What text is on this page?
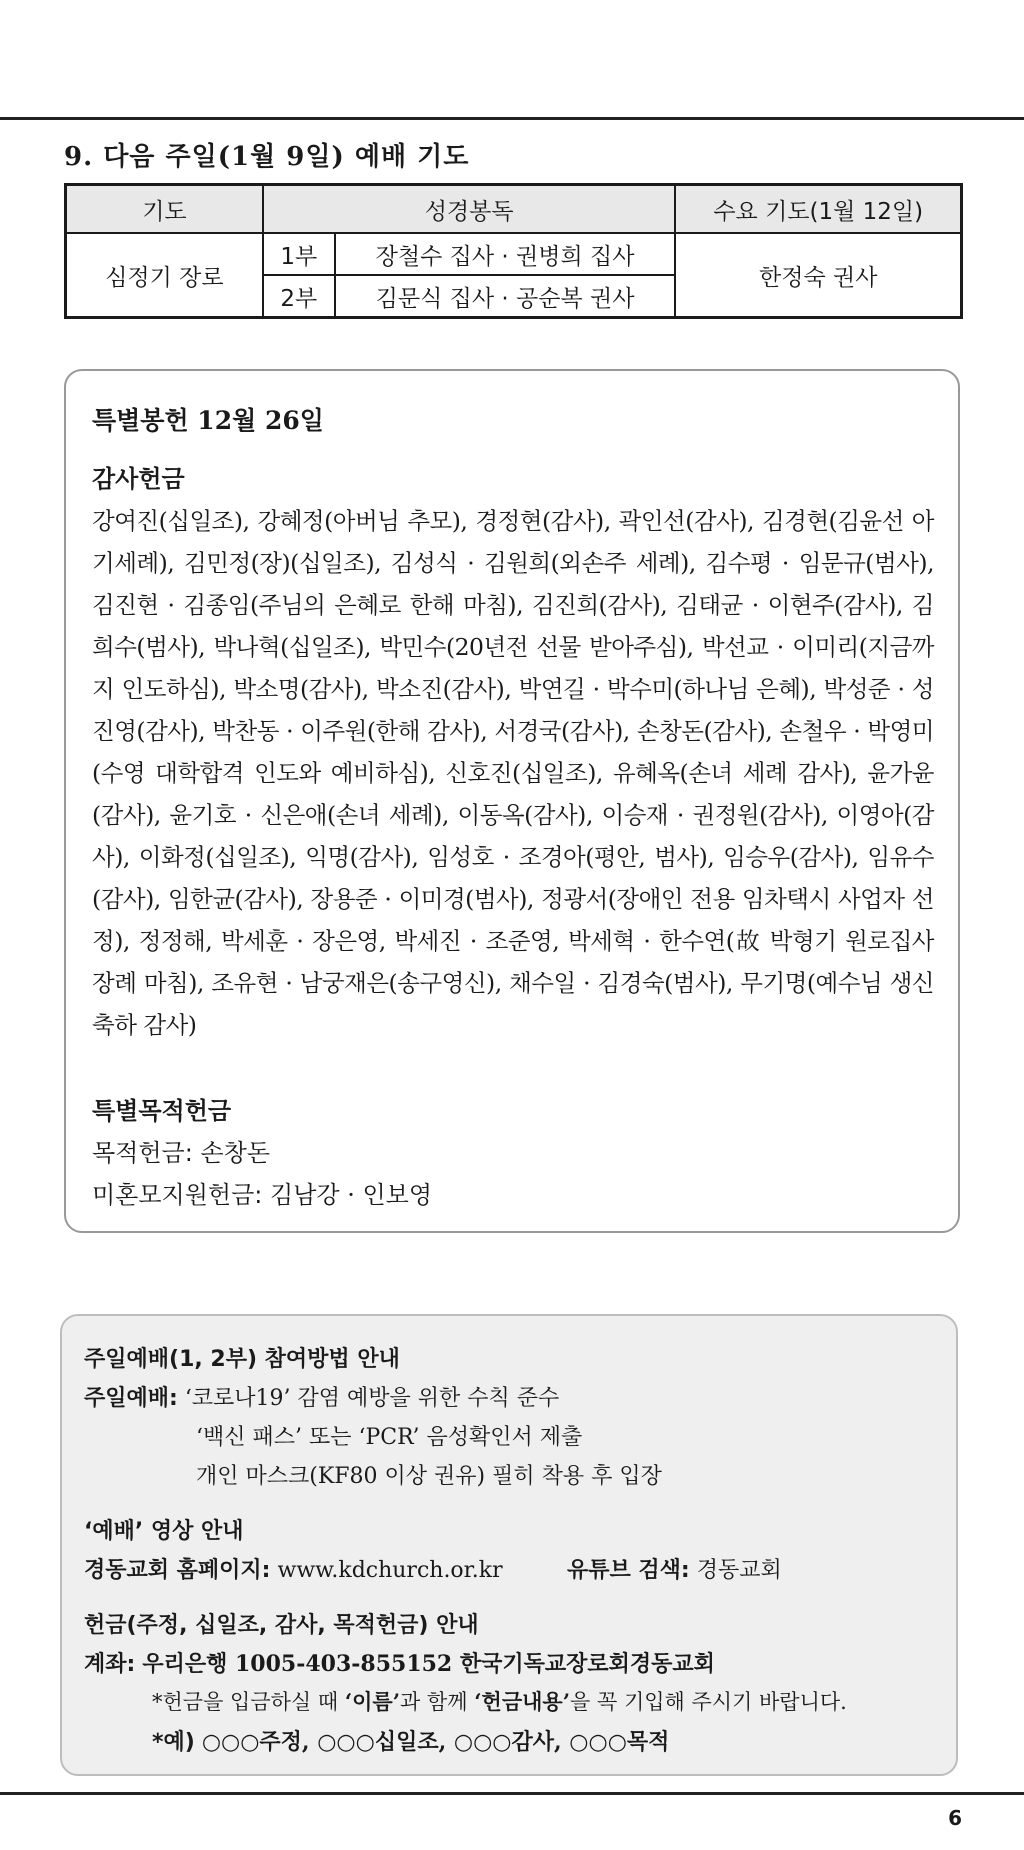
9. 다음 주일(1월 9일) 예배 기도
기도	성경봉독		수요 기도(1월 12일)
심정기 장로	1부	장철수 집사 · 권병희 집사	한정숙 권사
	2부	김문식 집사 · 공순복 권사	
특별봉헌 12월 26일
감사헌금

강여진(십일조), 강혜정(아버님 추모), 경정현(감사), 곽인선(감사), 김경현(김윤선 아기세례), 김민정(장)(십일조), 김성식 · 김원희(외손주 세례), 김수평 · 임문규(범사), 김진현 · 김종임(주님의 은혜로 한해 마침), 김진희(감사), 김태균 · 이현주(감사), 김희수(범사), 박나혁(십일조), 박민수(20년전 선물 받아주심), 박선교 · 이미리(지금까지 인도하심), 박소명(감사), 박소진(감사), 박연길 · 박수미(하나님 은혜), 박성준 · 성진영(감사), 박찬동 · 이주원(한해 감사), 서경국(감사), 손창돈(감사), 손철우 · 박영미(수영 대학합격 인도와 예비하심), 신호진(십일조), 유혜옥(손녀 세례 감사), 윤가윤(감사), 윤기호 · 신은애(손녀 세례), 이동옥(감사), 이승재 · 권정원(감사), 이영아(감사), 이화정(십일조), 익명(감사), 임성호 · 조경아(평안, 범사), 임승우(감사), 임유수(감사), 임한균(감사), 장용준 · 이미경(범사), 정광서(장애인 전용 임차택시 사업자 선정), 정정해, 박세훈 · 장은영, 박세진 · 조준영, 박세혁 · 한수연(故 박형기 원로집사 장례 마침), 조유현 · 남궁재은(송구영신), 채수일 · 김경숙(범사), 무기명(예수님 생신 축하 감사)

특별목적헌금

목적헌금: 손창돈

미혼모지원헌금: 김남강 · 인보영

주일예배(1, 2부) 참여방법 안내

주일예배: ‘코로나19’ 감염 예방을 위한 수칙 준수

‘백신 패스’ 또는 ‘PCR’ 음성확인서 제출

개인 마스크(KF80 이상 권유) 필히 착용 후 입장

‘예배’ 영상 안내

경동교회 홈페이지: www.kdchurch.or.kr	유튜브 검색: 경동교회

헌금(주정, 십일조, 감사, 목적헌금) 안내

계좌: 우리은행 1005-403-855152 한국기독교장로회경동교회

*헌금을 입금하실 때 ‘이름’과 함께 ‘헌금내용’을 꼭 기입해 주시기 바랍니다.

*예) ○○○주정, ○○○십일조, ○○○감사, ○○○목적

6
